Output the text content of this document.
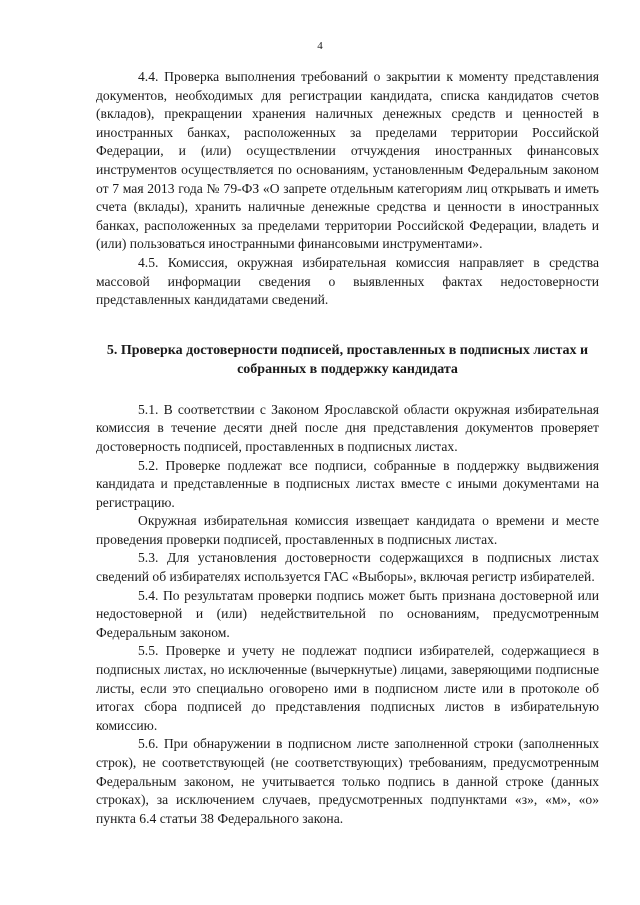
4

4.4. Проверка выполнения требований о закрытии к моменту представления документов, необходимых для регистрации кандидата, списка кандидатов счетов (вкладов), прекращении хранения наличных денежных средств и ценностей в иностранных банках, расположенных за пределами территории Российской Федерации, и (или) осуществлении отчуждения иностранных финансовых инструментов осуществляется по основаниям, установленным Федеральным законом от 7 мая 2013 года № 79-ФЗ «О запрете отдельным категориям лиц открывать и иметь счета (вклады), хранить наличные денежные средства и ценности в иностранных банках, расположенных за пределами территории Российской Федерации, владеть и (или) пользоваться иностранными финансовыми инструментами».

4.5. Комиссия, окружная избирательная комиссия направляет в средства массовой информации сведения о выявленных фактах недостоверности представленных кандидатами сведений.

5. Проверка достоверности подписей, проставленных в подписных листах и собранных в поддержку кандидата

5.1. В соответствии с Законом Ярославской области окружная избирательная комиссия в течение десяти дней после дня представления документов проверяет достоверность подписей, проставленных в подписных листах.

5.2. Проверке подлежат все подписи, собранные в поддержку выдвижения кандидата и представленные в подписных листах вместе с иными документами на регистрацию.

Окружная избирательная комиссия извещает кандидата о времени и месте проведения проверки подписей, проставленных в подписных листах.

5.3. Для установления достоверности содержащихся в подписных листах сведений об избирателях используется ГАС «Выборы», включая регистр избирателей.

5.4. По результатам проверки подпись может быть признана достоверной или недостоверной и (или) недействительной по основаниям, предусмотренным Федеральным законом.

5.5. Проверке и учету не подлежат подписи избирателей, содержащиеся в подписных листах, но исключенные (вычеркнутые) лицами, заверяющими подписные листы, если это специально оговорено ими в подписном листе или в протоколе об итогах сбора подписей до представления подписных листов в избирательную комиссию.

5.6. При обнаружении в подписном листе заполненной строки (заполненных строк), не соответствующей (не соответствующих) требованиям, предусмотренным Федеральным законом, не учитывается только подпись в данной строке (данных строках), за исключением случаев, предусмотренных подпунктами «з», «м», «о» пункта 6.4 статьи 38 Федерального закона.
